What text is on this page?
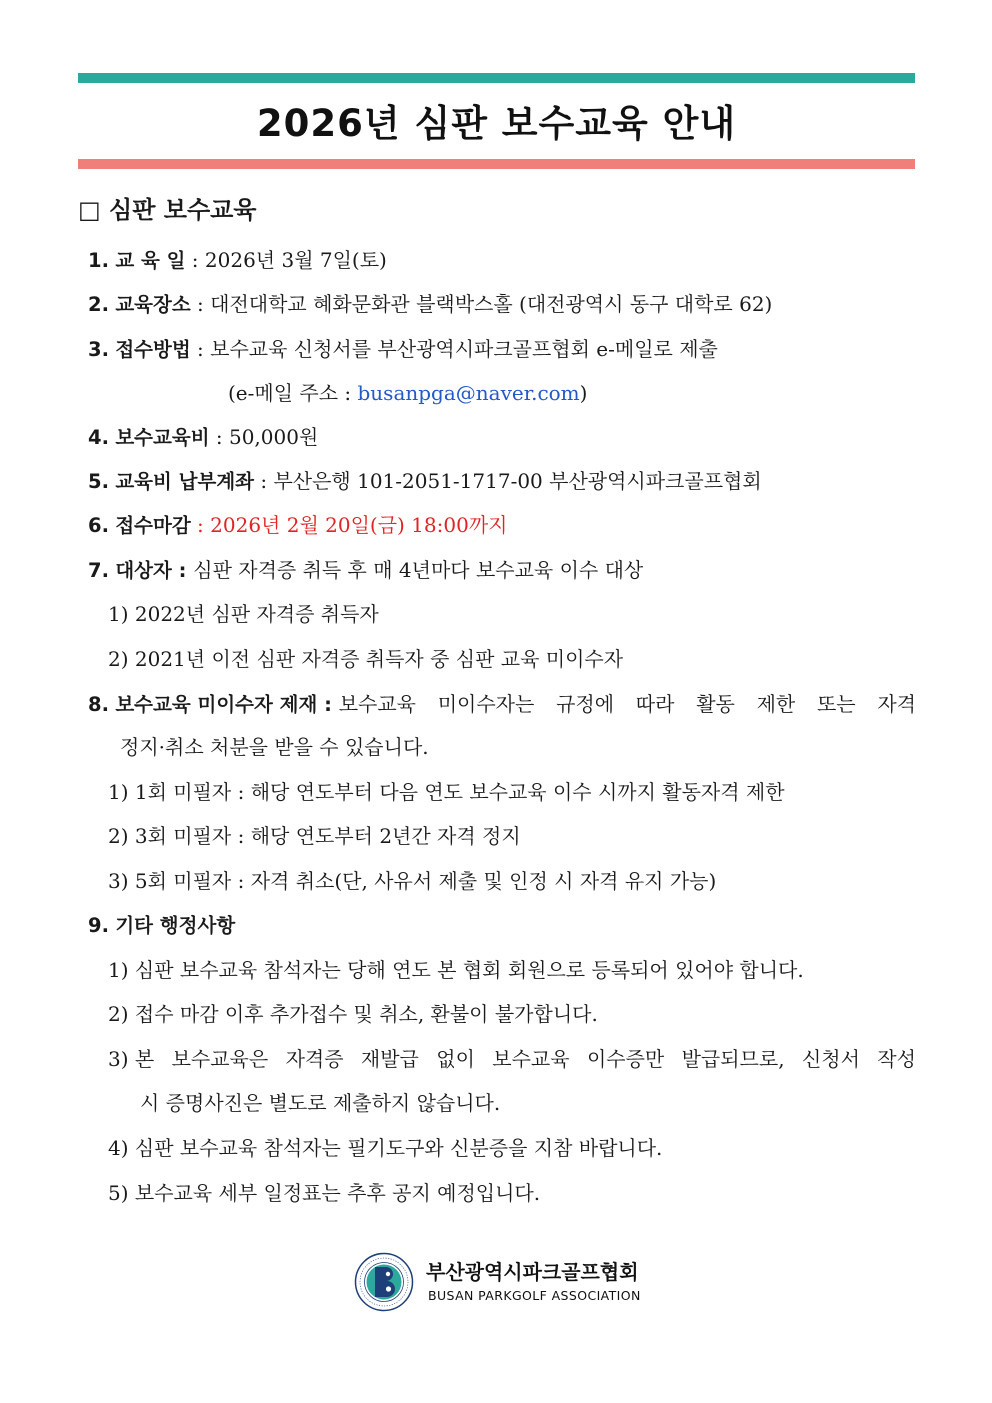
2026년 심판 보수교육 안내
□ 심판 보수교육
1. 교 육 일 : 2026년 3월 7일(토)
2. 교육장소 : 대전대학교 혜화문화관 블랙박스홀 (대전광역시 동구 대학로 62)
3. 접수방법 : 보수교육 신청서를 부산광역시파크골프협회 e-메일로 제출
(e-메일 주소 : busanpga@naver.com)
4. 보수교육비 : 50,000원
5. 교육비 납부계좌 : 부산은행 101-2051-1717-00 부산광역시파크골프협회
6. 접수마감 : 2026년 2월 20일(금) 18:00까지
7. 대상자 : 심판 자격증 취득 후 매 4년마다 보수교육 이수 대상
1) 2022년 심판 자격증 취득자
2) 2021년 이전 심판 자격증 취득자 중 심판 교육 미이수자
8. 보수교육 미이수자 제재 : 보수교육 미이수자는 규정에 따라 활동 제한 또는 자격
정지·취소 처분을 받을 수 있습니다.
1) 1회 미필자 : 해당 연도부터 다음 연도 보수교육 이수 시까지 활동자격 제한
2) 3회 미필자 : 해당 연도부터 2년간 자격 정지
3) 5회 미필자 : 자격 취소(단, 사유서 제출 및 인정 시 자격 유지 가능)
9. 기타 행정사항
1) 심판 보수교육 참석자는 당해 연도 본 협회 회원으로 등록되어 있어야 합니다.
2) 접수 마감 이후 추가접수 및 취소, 환불이 불가합니다.
3) 본 보수교육은 자격증 재발급 없이 보수교육 이수증만 발급되므로, 신청서 작성
시 증명사진은 별도로 제출하지 않습니다.
4) 심판 보수교육 참석자는 필기도구와 신분증을 지참 바랍니다.
5) 보수교육 세부 일정표는 추후 공지 예정입니다.
부산광역시파크골프협회
BUSAN PARKGOLF ASSOCIATION
